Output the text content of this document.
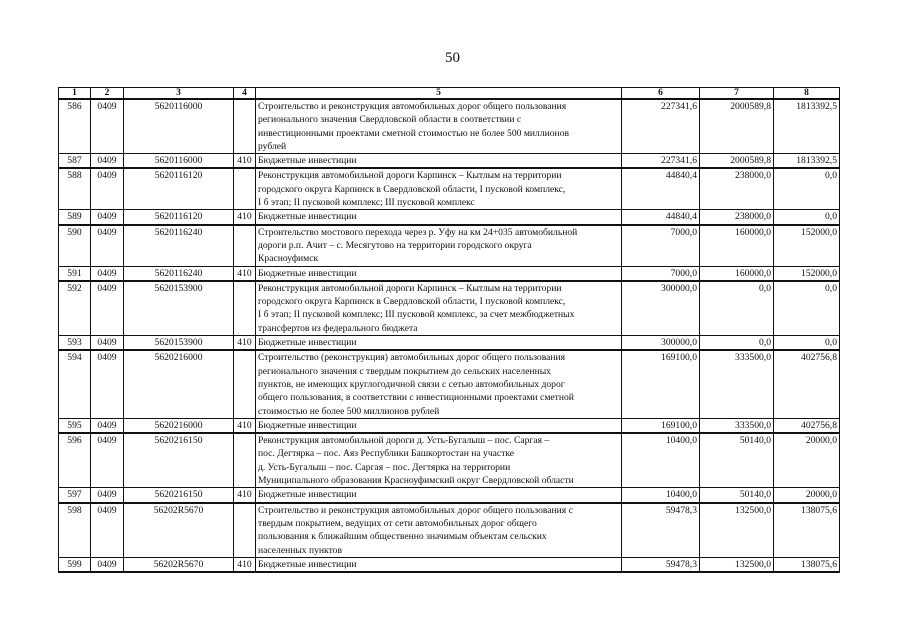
50
1	2	3	4	5	6	7	8
586	0409	5620116000		Строительство и реконструкция автомобильных дорог общего пользования
регионального значения Свердловской области в соответствии с
инвестиционными проектами сметной стоимостью не более 500 миллионов
рублей	227341,6	2000589,8	1813392,5
587	0409	5620116000	410	Бюджетные инвестиции	227341,6	2000589,8	1813392,5
588	0409	5620116120		Реконструкция автомобильной дороги Карпинск – Кытлым на территории
городского округа Карпинск в Свердловской области, I пусковой комплекс,
I б этап; II пусковой комплекс; III пусковой комплекс	44840,4	238000,0	0,0
589	0409	5620116120	410	Бюджетные инвестиции	44840,4	238000,0	0,0
590	0409	5620116240		Строительство мостового перехода через р. Уфу на км 24+035 автомобильной
дороги р.п. Ачит – с. Месягутово на территории городского округа
Красноуфимск	7000,0	160000,0	152000,0
591	0409	5620116240	410	Бюджетные инвестиции	7000,0	160000,0	152000,0
592	0409	5620153900		Реконструкция автомобильной дороги Карпинск – Кытлым на территории
городского округа Карпинск в Свердловской области, I пусковой комплекс,
I б этап; II пусковой комплекс; III пусковой комплекс, за счет межбюджетных
трансфертов из федерального бюджета	300000,0	0,0	0,0
593	0409	5620153900	410	Бюджетные инвестиции	300000,0	0,0	0,0
594	0409	5620216000		Строительство (реконструкция) автомобильных дорог общего пользования
регионального значения с твердым покрытием до сельских населенных
пунктов, не имеющих круглогодичной связи с сетью автомобильных дорог
общего пользования, в соответствии с инвестиционными проектами сметной
стоимостью не более 500 миллионов рублей	169100,0	333500,0	402756,8
595	0409	5620216000	410	Бюджетные инвестиции	169100,0	333500,0	402756,8
596	0409	5620216150		Реконструкция автомобильной дороги д. Усть-Бугалыш – пос. Саргая –
пос. Дегтярка – пос. Аяз Республики Башкортостан на участке
д. Усть-Бугалыш – пос. Саргая – пос. Дегтярка на территории
Муниципального образования Красноуфимский округ Свердловской области	10400,0	50140,0	20000,0
597	0409	5620216150	410	Бюджетные инвестиции	10400,0	50140,0	20000,0
598	0409	56202R5670		Строительство и реконструкция автомобильных дорог общего пользования с
твердым покрытием, ведущих от сети автомобильных дорог общего
пользования к ближайшим общественно значимым объектам сельских
населенных пунктов	59478,3	132500,0	138075,6
599	0409	56202R5670	410	Бюджетные инвестиции	59478,3	132500,0	138075,6
